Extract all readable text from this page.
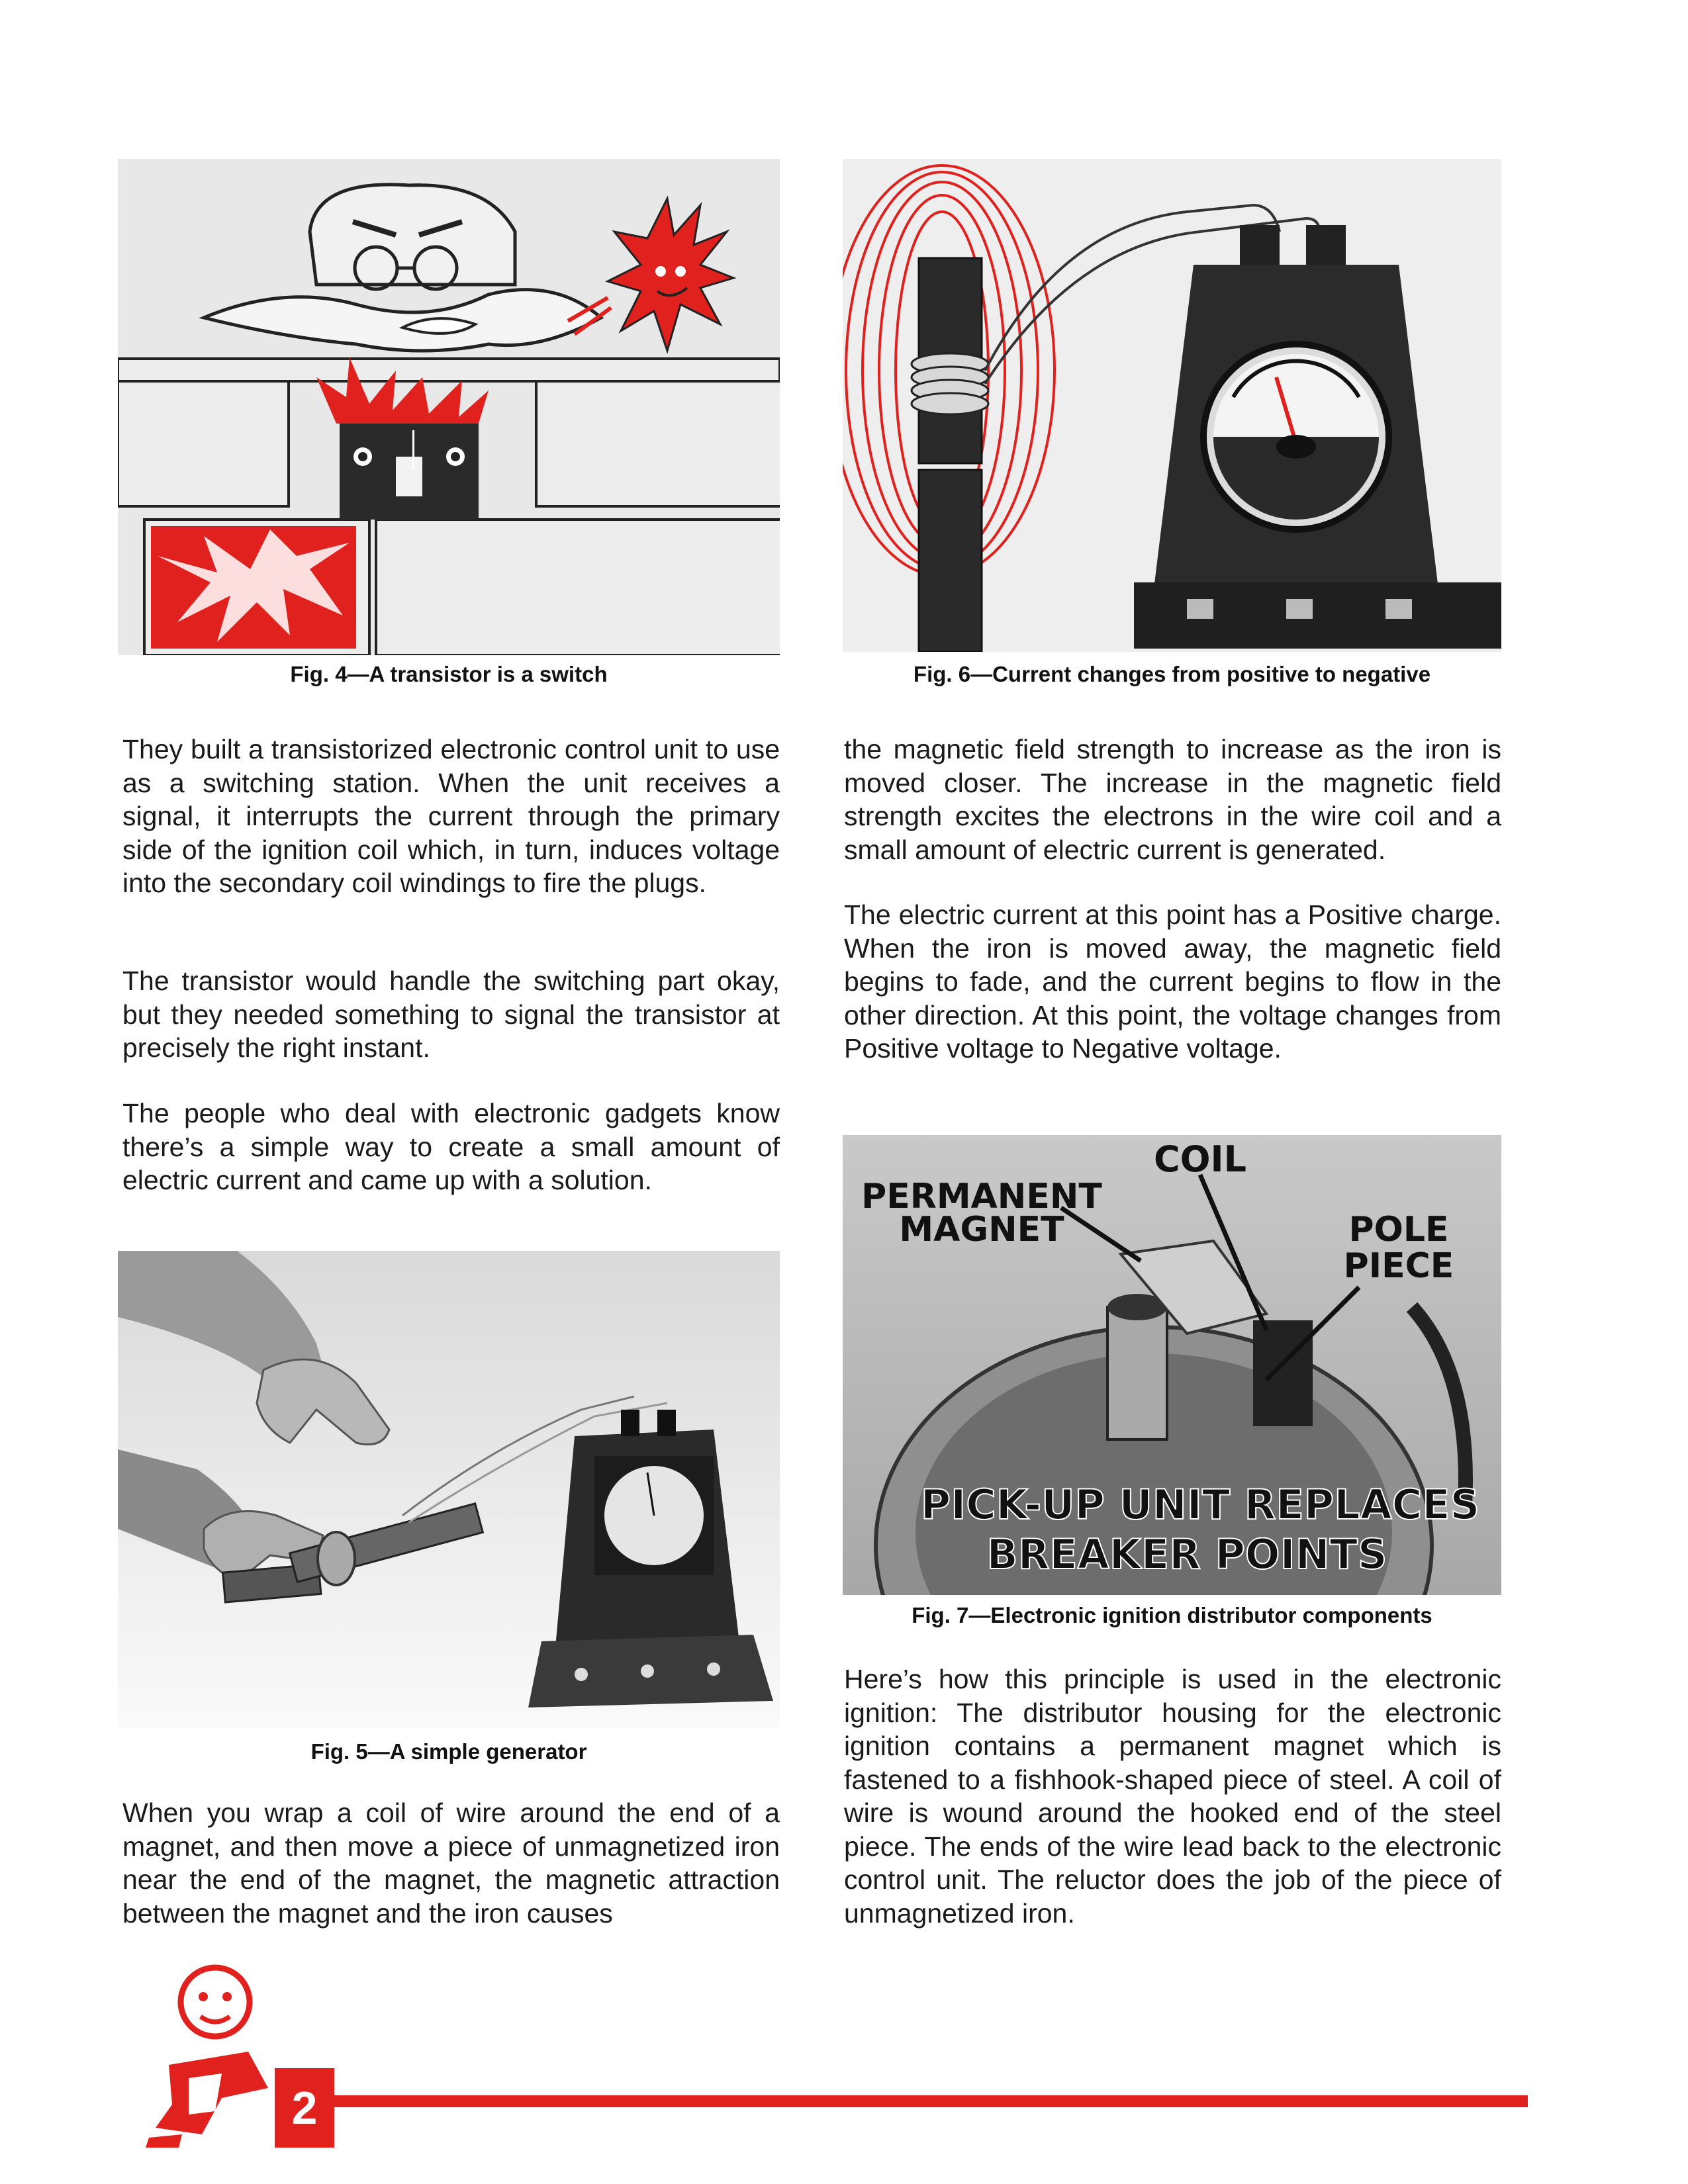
Fig. 4—A transistor is a switch	Fig. 6—Current changes from positive to negative

They built a transistorized electronic control unit to use as a switching station. When the unit receives a signal, it interrupts the current through the primary side of the ignition coil which, in turn, induces voltage into the secondary coil windings to fire the plugs.

The transistor would handle the switching part okay, but they needed something to signal the transistor at precisely the right instant.

The people who deal with electronic gadgets know there’s a simple way to create a small amount of electric current and came up with a solution.

the magnetic field strength to increase as the iron is moved closer. The increase in the magnetic field strength excites the electrons in the wire coil and a small amount of electric current is generated.

The electric current at this point has a Positive charge. When the iron is moved away, the magnetic field begins to fade, and the current begins to flow in the other direction. At this point, the voltage changes from Positive voltage to Negative voltage.

Fig. 5—A simple generator

When you wrap a coil of wire around the end of a magnet, and then move a piece of unmagnetized iron near the end of the magnet, the magnetic attraction between the magnet and the iron causes

PERMANENT
MAGNET
COIL
POLE
PIECE
PICK-UP UNIT REPLACES
BREAKER POINTS
Fig. 7—Electronic ignition distributor components

Here’s how this principle is used in the electronic ignition: The distributor housing for the electronic ignition contains a permanent magnet which is fastened to a fishhook-shaped piece of steel. A coil of wire is wound around the hooked end of the steel piece. The ends of the wire lead back to the electronic control unit. The reluctor does the job of the piece of unmagnetized iron.

2
